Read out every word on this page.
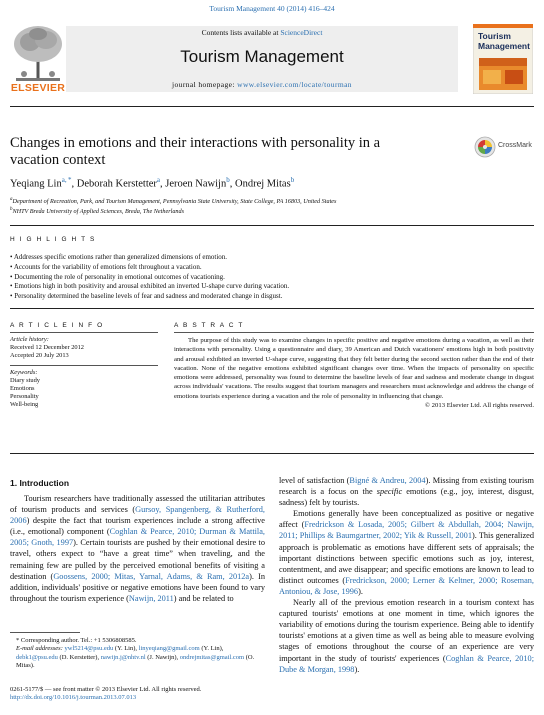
Tourism Management 40 (2014) 416–424
ELSEVIER
Contents lists available at ScienceDirect
Tourism Management
journal homepage: www.elsevier.com/locate/tourman
Tourism Management
Changes in emotions and their interactions with personality in a vacation context
CrossMark
Yeqiang Lin$^{a, *}$, Deborah Kerstetter$^a$, Jeroen Nawijn$^b$, Ondrej Mitas$^b$
$^a$Department of Recreation, Park, and Tourism Management, Pennsylvania State University, State College, PA 16803, United States
$^b$NHTV Breda University of Applied Sciences, Breda, The Netherlands
H I G H L I G H T S
• Addresses specific emotions rather than generalized dimensions of emotion.
• Accounts for the variability of emotions felt throughout a vacation.
• Documenting the role of personality in emotional outcomes of vacationing.
• Emotions high in both positivity and arousal exhibited an inverted U-shape curve during vacation.
• Personality determined the baseline levels of fear and sadness and moderated change in disgust.
A R T I C L E I N F O
Article history:
Received 12 December 2012
Accepted 20 July 2013
Keywords:
Diary study
Emotions
Personality
Well-being
A B S T R A C T

The purpose of this study was to examine changes in specific positive and negative emotions during a vacation, as well as their interactions with personality. Using a questionnaire and diary, 39 American and Dutch vacationers' emotions high in both positivity and arousal exhibited an inverted U-shape curve, suggesting that they felt better during the second section rather than the end of their vacation. None of the negative emotions exhibited significant changes over time. When the impacts of personality on specific emotions were addressed, personality was found to determine the baseline levels of fear and sadness and moderate change in disgust across individuals' vacations. The results suggest that tourism managers and researchers must acknowledge and address the change of emotions tourists experience during a vacation and the role of personality in influencing that change.

© 2013 Elsevier Ltd. All rights reserved.
1. Introduction

Tourism researchers have traditionally assessed the utilitarian attributes of tourism products and services (Gursoy, Spangenberg, & Rutherford, 2006) despite the fact that tourism experiences include a strong affective (i.e., emotional) component (Coghlan & Pearce, 2010; Durman & Mattila, 2005; Gnoth, 1997). Certain tourists are pushed by their emotional desire to travel, others expect to “have a great time” when traveling, and the remaining few are pulled by the perceived emotional benefits of visiting a destination (Goossens, 2000; Mitas, Yarnal, Adams, & Ram, 2012a). In addition, individuals' positive or negative emotions have been found to vary throughout the tourism experience (Nawijn, 2011) and be related to

level of satisfaction (Bigné & Andreu, 2004). Missing from existing tourism research is a focus on the specific emotions (e.g., joy, interest, disgust, sadness) felt by tourists.

Emotions generally have been conceptualized as positive or negative affect (Fredrickson & Losada, 2005; Gilbert & Abdullah, 2004; Nawijn, 2011; Phillips & Baumgartner, 2002; Yik & Russell, 2001). This generalized approach is problematic as emotions have different sets of appraisals; the important distinctions between specific emotions such as joy, interest, contentment, and awe disappear; and specific emotions are known to lead to distinct outcomes (Fredrickson, 2000; Lerner & Keltner, 2000; Roseman, Antoniou, & Jose, 1996).

Nearly all of the previous emotion research in a tourism context has captured tourists' emotions at one moment in time, which ignores the variability of emotions during the tourism experience. Being able to identify tourists' emotions at a given time as well as being able to measure evolving stages of emotions throughout the course of an experience are very important in the study of tourists' experiences (Coghlan & Pearce, 2010; Dube & Morgan, 1998).

* Corresponding author. Tel.: +1 5306808585.
E-mail addresses: ywl5214@psu.edu (Y. Lin), linyeqiang@gmail.com (Y. Lin), debk1@psu.edu (D. Kerstetter), nawijn.j@nhtv.nl (J. Nawijn), ondrejmitas@gmail.com (O. Mitas).
0261-5177/$ — see front matter © 2013 Elsevier Ltd. All rights reserved.
http://dx.doi.org/10.1016/j.tourman.2013.07.013
